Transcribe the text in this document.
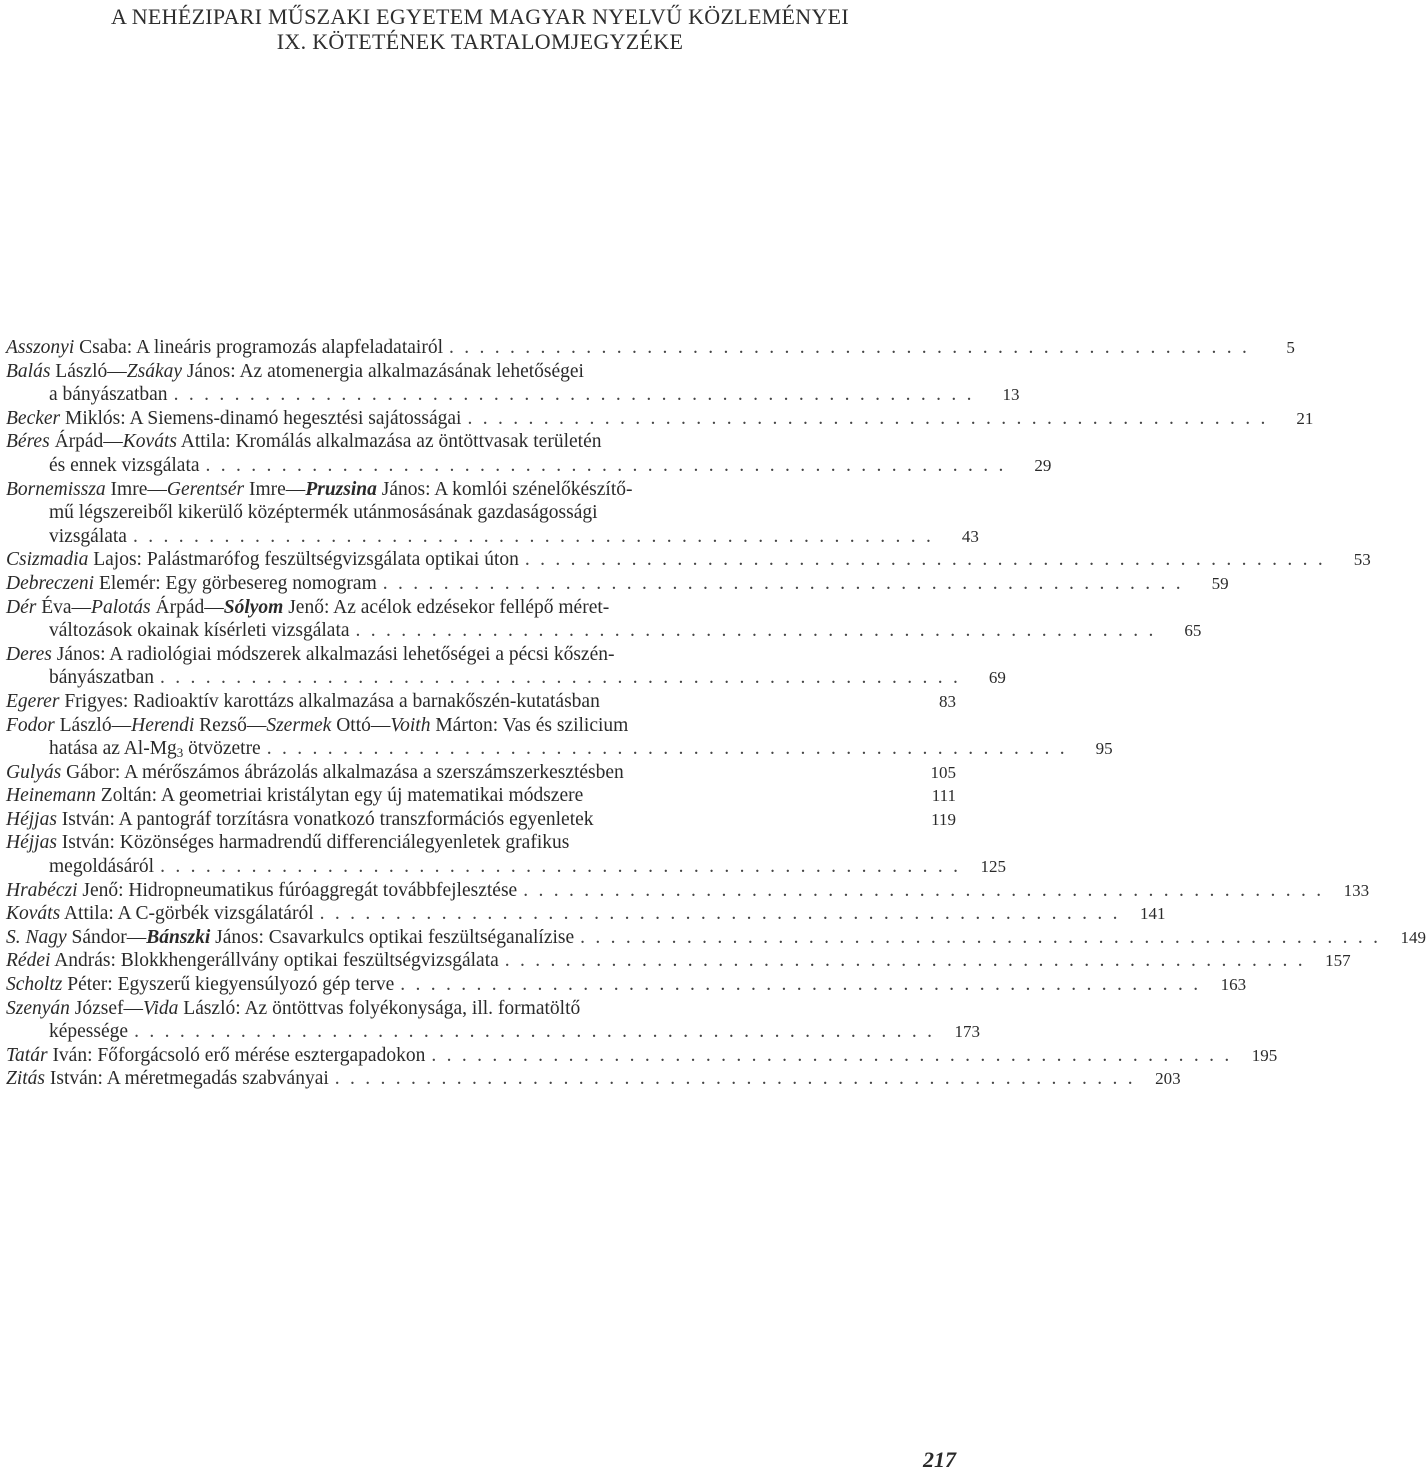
A NEHÉZIPARI MŰSZAKI EGYETEM MAGYAR NYELVŰ KÖZLEMÉNYEI
IX. KÖTETÉNEK TARTALOMJEGYZÉKE
Asszonyi Csaba: A lineáris programozás alapfeladatairól . . .	5
Balás László—Zsákay János: Az atomenergia alkalmazásának lehetőségei
a bányászatban . . .	13
Becker Miklós: A Siemens-dinamó hegesztési sajátosságai . . .	21
Béres Árpád—Kováts Attila: Kromálás alkalmazása az öntöttvasak területén
és ennek vizsgálata . . .	29
Bornemissza Imre—Gerentsér Imre—Pruzsina János: A komlói szénelőkészítő-
mű légszereiből kikerülő középtermék utánmosásának gazdaságossági
vizsgálata . . .	43
Csizmadia Lajos: Palástmarófog feszültségvizsgálata optikai úton . . .	53
Debreczeni Elemér: Egy görbesereg nomogram . . .	59
Dér Éva—Palotás Árpád—Sólyom Jenő: Az acélok edzésekor fellépő méret-
változások okainak kísérleti vizsgálata . . .	65
Deres János: A radiológiai módszerek alkalmazási lehetőségei a pécsi kőszén-
bányászatban . . .	69
Egerer Frigyes: Radioaktív karottázs alkalmazása a barnakőszén-kutatásban	83
Fodor László—Herendi Rezső—Szermek Ottó—Voith Márton: Vas és szilicium
hatása az $Al-Mg_3$ ötvözetre . . .	95
Gulyás Gábor: A mérőszámos ábrázolás alkalmazása a szerszámszerkesztésben	105
Heinemann Zoltán: A geometriai kristálytan egy új matematikai módszere	111
Héjjas István: A pantográf torzításra vonatkozó transzformációs egyenletek	119
Héjjas István: Közönséges harmadrendű differenciálegyenletek grafikus
megoldásáról . . .	125
Hrabéczi Jenő: Hidropneumatikus fúróaggregát továbbfejlesztése . . .	133
Kováts Attila: A C-görbék vizsgálatáról . . .	141
S. Nagy Sándor—Bánszki János: Csavarkulcs optikai feszültséganalízise . . .	149
Rédei András: Blokkhengerállvány optikai feszültségvizsgálata . . .	157
Scholtz Péter: Egyszerű kiegyensúlyozó gép terve . . .	163
Szenyán József—Vida László: Az öntöttvas folyékonysága, ill. formatöltő
képessége . . .	173
Tatár Iván: Főforgácsoló erő mérése esztergapadokon . . .	195
Zitás István: A méretmegadás szabványai . . .	203
217
